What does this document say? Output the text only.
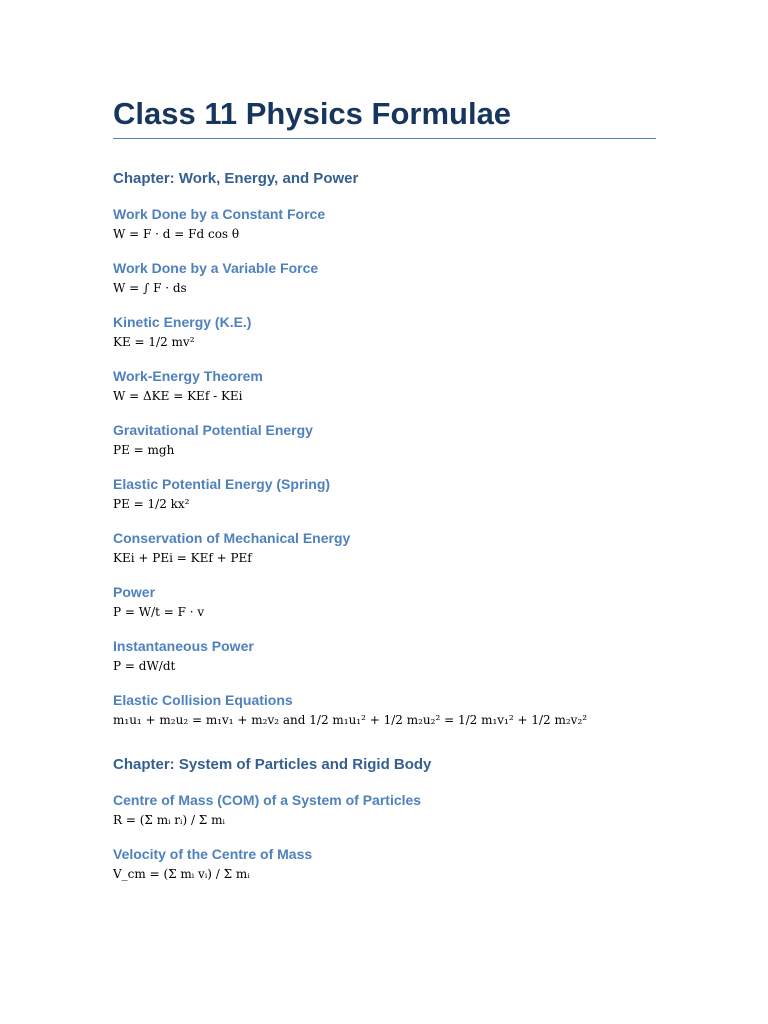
Class 11 Physics Formulae
Chapter: Work, Energy, and Power
Work Done by a Constant Force

W = F · d = Fd cos θ

Work Done by a Variable Force

W = ∫ F · ds

Kinetic Energy (K.E.)

KE = 1/2 mv²

Work-Energy Theorem

W = ΔKE = KEf - KEi

Gravitational Potential Energy

PE = mgh

Elastic Potential Energy (Spring)

PE = 1/2 kx²

Conservation of Mechanical Energy

KEi + PEi = KEf + PEf

Power

P = W/t = F · v

Instantaneous Power

P = dW/dt

Elastic Collision Equations

m₁u₁ + m₂u₂ = m₁v₁ + m₂v₂ and 1/2 m₁u₁² + 1/2 m₂u₂² = 1/2 m₁v₁² + 1/2 m₂v₂²

Chapter: System of Particles and Rigid Body
Centre of Mass (COM) of a System of Particles

R = (Σ mᵢ rᵢ) / Σ mᵢ

Velocity of the Centre of Mass

V_cm = (Σ mᵢ vᵢ) / Σ mᵢ
